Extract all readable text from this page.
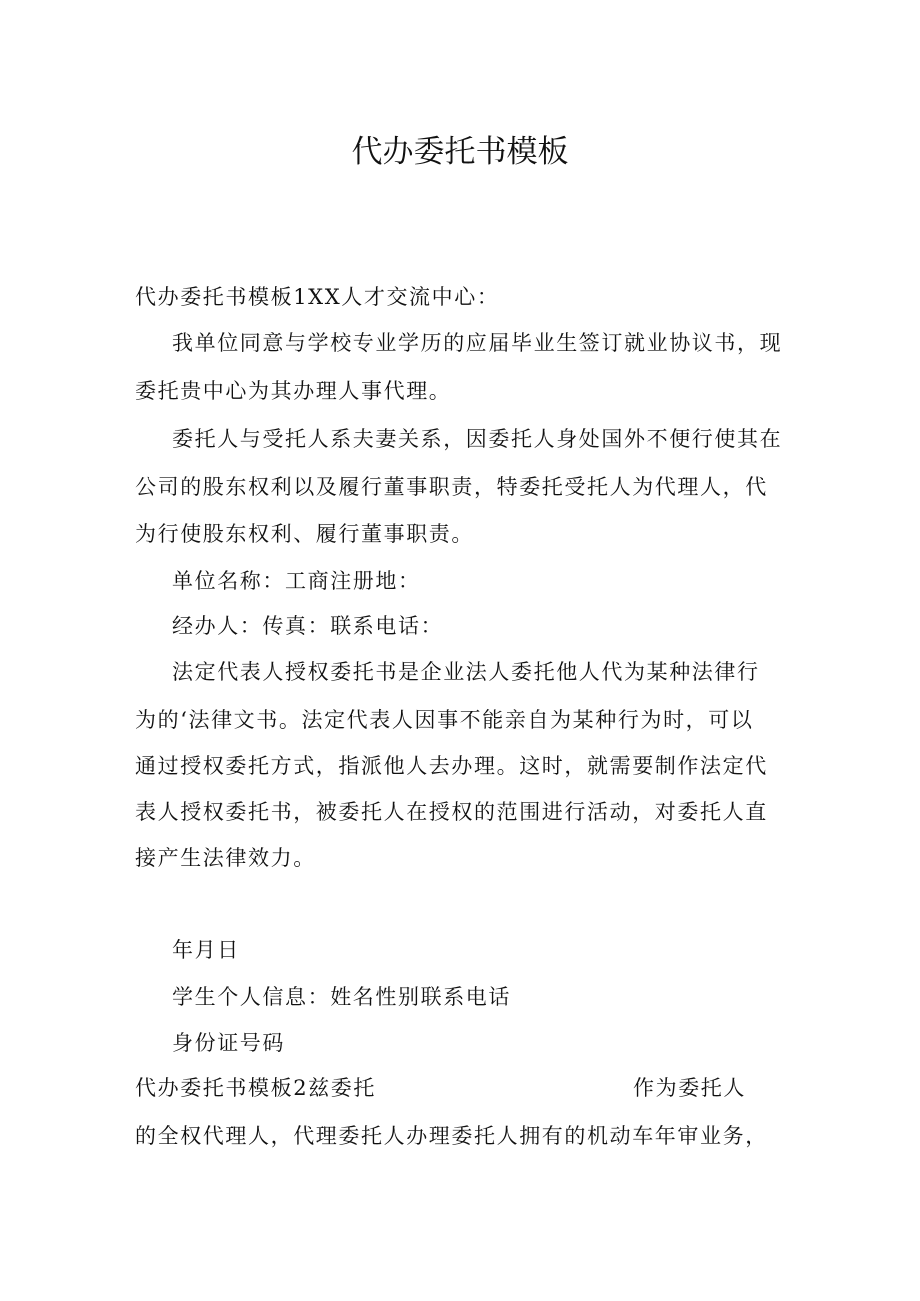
代办委托书模板
代办委托书模板1XX人才交流中心：
我单位同意与学校专业学历的应届毕业生签订就业协议书，现
委托贵中心为其办理人事代理。
委托人与受托人系夫妻关系，因委托人身处国外不便行使其在
公司的股东权利以及履行董事职责，特委托受托人为代理人，代
为行使股东权利、履行董事职责。
单位名称：工商注册地：
经办人：传真：联系电话：
法定代表人授权委托书是企业法人委托他人代为某种法律行
为的‘法律文书。法定代表人因事不能亲自为某种行为时，可以
通过授权委托方式，指派他人去办理。这时，就需要制作法定代
表人授权委托书，被委托人在授权的范围进行活动，对委托人直
接产生法律效力。
年月日
学生个人信息：姓名性别联系电话
身份证号码
代办委托书模板2兹委托	作为委托人
的全权代理人，代理委托人办理委托人拥有的机动车年审业务，
